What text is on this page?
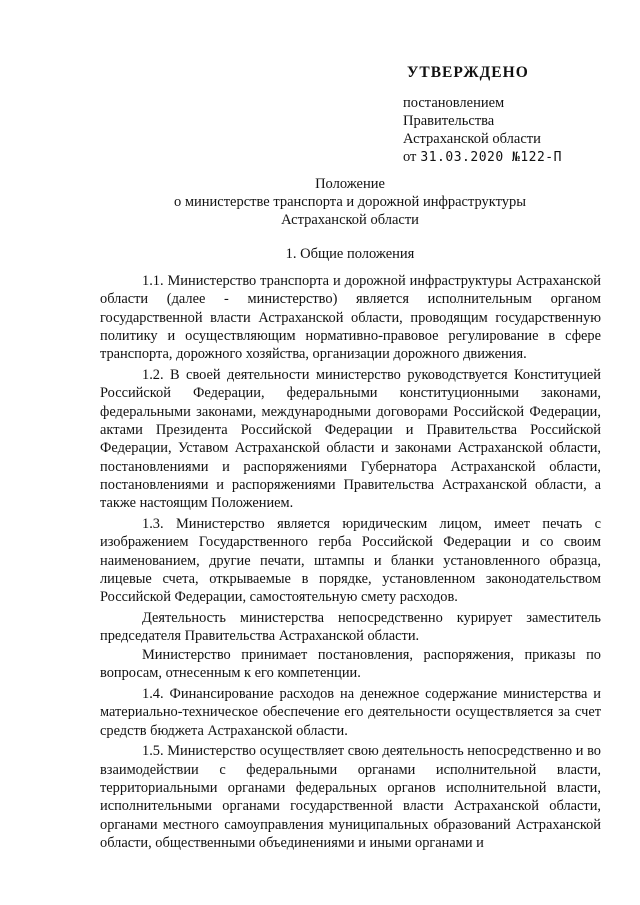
УТВЕРЖДЕНО
постановлением
Правительства
Астраханской области
от 31.03.2020 №122-П
Положение
о министерстве транспорта и дорожной инфраструктуры
Астраханской области
1. Общие положения

1.1. Министерство транспорта и дорожной инфраструктуры Астраханской области (далее - министерство) является исполнительным органом государственной власти Астраханской области, проводящим государственную политику и осуществляющим нормативно-правовое регулирование в сфере транспорта, дорожного хозяйства, организации дорожного движения.

1.2. В своей деятельности министерство руководствуется Конституцией Российской Федерации, федеральными конституционными законами, федеральными законами, международными договорами Российской Федерации, актами Президента Российской Федерации и Правительства Российской Федерации, Уставом Астраханской области и законами Астраханской области, постановлениями и распоряжениями Губернатора Астраханской области, постановлениями и распоряжениями Правительства Астраханской области, а также настоящим Положением.

1.3. Министерство является юридическим лицом, имеет печать с изображением Государственного герба Российской Федерации и со своим наименованием, другие печати, штампы и бланки установленного образца, лицевые счета, открываемые в порядке, установленном законодательством Российской Федерации, самостоятельную смету расходов.

Деятельность министерства непосредственно курирует заместитель председателя Правительства Астраханской области.

Министерство принимает постановления, распоряжения, приказы по вопросам, отнесенным к его компетенции.

1.4. Финансирование расходов на денежное содержание министерства и материально-техническое обеспечение его деятельности осуществляется за счет средств бюджета Астраханской области.

1.5. Министерство осуществляет свою деятельность непосредственно и во взаимодействии с федеральными органами исполнительной власти, территориальными органами федеральных органов исполнительной власти, исполнительными органами государственной власти Астраханской области, органами местного самоуправления муниципальных образований Астраханской области, общественными объединениями и иными органами и
